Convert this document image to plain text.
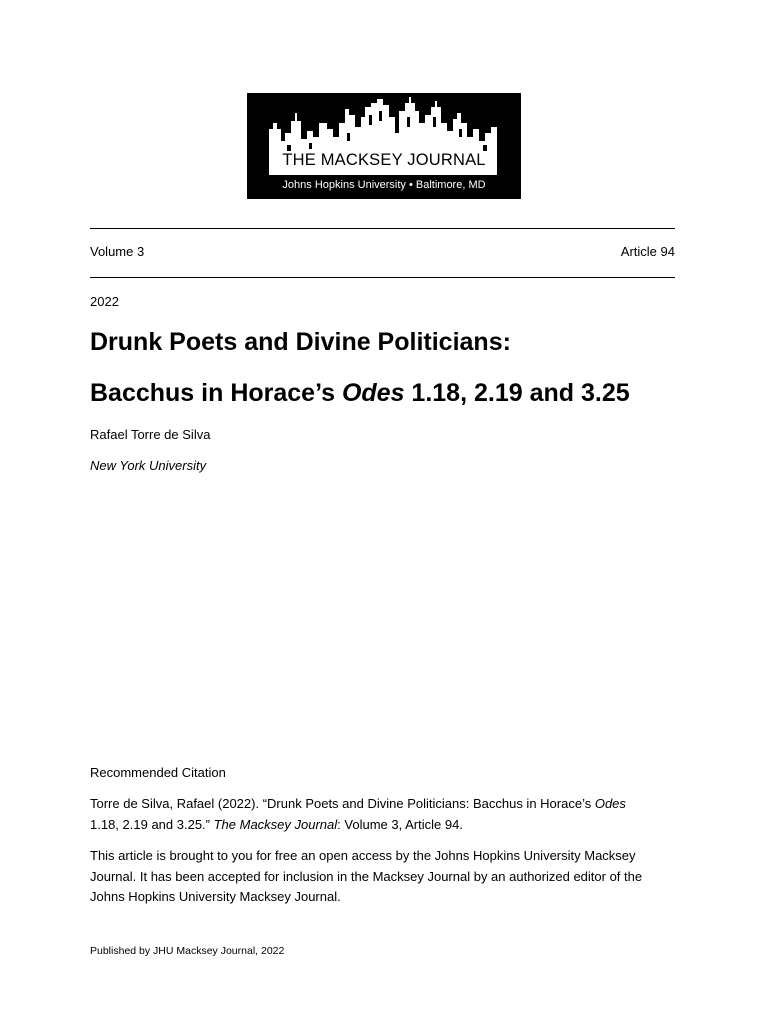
THE MACKSEY JOURNAL
Johns Hopkins University • Baltimore, MD
Volume 3	Article 94
2022
Drunk Poets and Divine Politicians:
Bacchus in Horace’s Odes 1.18, 2.19 and 3.25
Rafael Torre de Silva
New York University
Recommended Citation
Torre de Silva, Rafael (2022). “Drunk Poets and Divine Politicians: Bacchus in Horace’s Odes
1.18, 2.19 and 3.25.” The Macksey Journal: Volume 3, Article 94.
This article is brought to you for free an open access by the Johns Hopkins University Macksey
Journal. It has been accepted for inclusion in the Macksey Journal by an authorized editor of the
Johns Hopkins University Macksey Journal.
Published by JHU Macksey Journal, 2022
